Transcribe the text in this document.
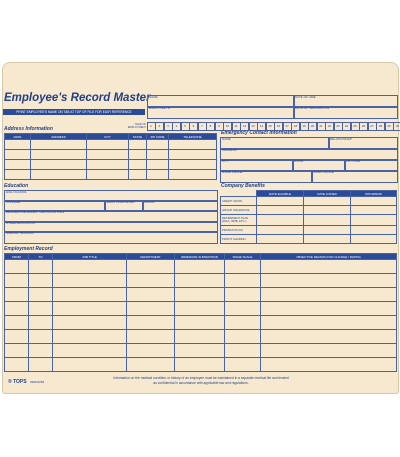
Employee's Record Master
PRINT EMPLOYEE'S NAME ON TAB AT TOP OF FILE FOR EASY REFERENCE
NAME
EMPLOYEE I.D.
DATE OF HIRE
DATE OF TERMINATION
YEAR OF EMPLOYMENT	1	2	3	4	5	6	7	8	9	10	11	12	13	14	15	16	17	18	19	20	21	22	23	24	25	26	27	28	29	30
Address Information
DATE	ADDRESS	CITY	STATE	ZIP CODE	TELEPHONE

Emergency Contact Information
NAME	RELATIONSHIP
ADDRESS
CITY	STATE	ZIP CODE
HOME PHONE	WORK PHONE
Education
HIGH SCHOOL
COLLEGE	YEARS COMPLETED	MAJOR
DEGREES RECEIVED / CERTIFICATIONS
OTHER EDUCATION
SPECIAL TRAINING
Company Benefits
	DATE ELIGIBLE	DATE JOINED	WITHDRAW
CREDIT UNION			
GROUP INSURANCE			
RETIREMENT PLAN (401K, 403B, ETC.)			
PENSION PLAN			
PROFIT SHARING			
Employment Record
FROM	TO	JOB TITLE	DEPARTMENT	IMMEDIATE SUPERVISOR	WAGE SCALE	OBJECTIVE REASON FOR CHANGE / RATING

® TOPS 3282/3283
Information on the medical condition or history of an employee must be maintained in a separate medical file and treated as confidential in accordance with applicable law and regulations.
